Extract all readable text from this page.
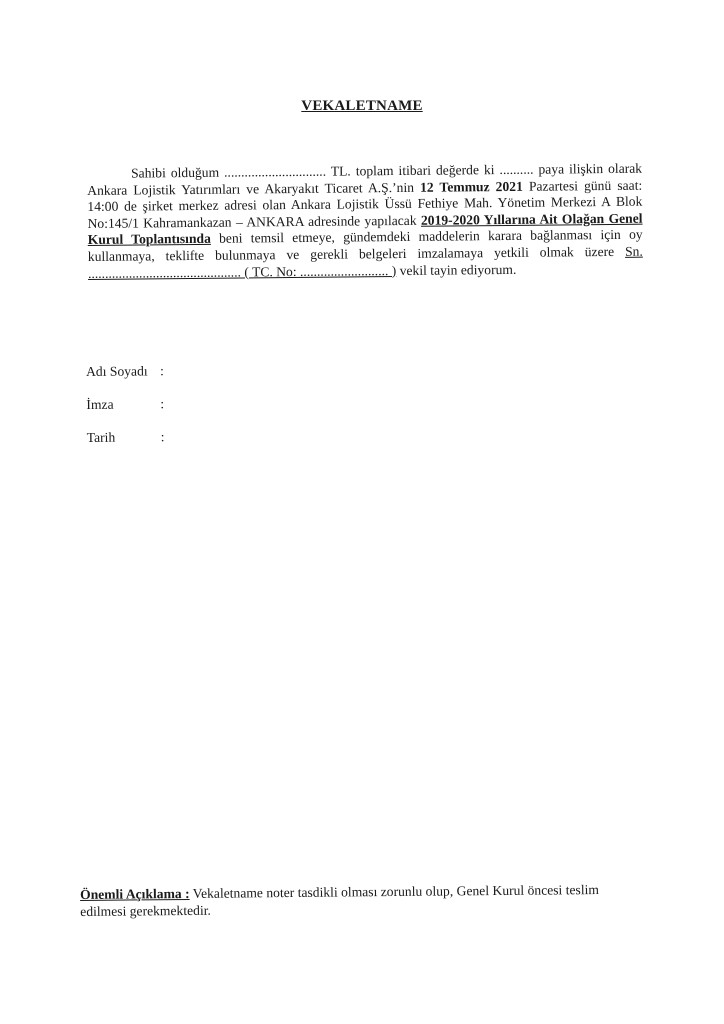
VEKALETNAME
Sahibi olduğum .............................. TL. toplam itibari değerde ki .......... paya ilişkin olarak Ankara Lojistik Yatırımları ve Akaryakıt Ticaret A.Ş.’nin 12 Temmuz 2021 Pazartesi günü saat: 14:00 de şirket merkez adresi olan Ankara Lojistik Üssü Fethiye Mah. Yönetim Merkezi A Blok No:145/1 Kahramankazan – ANKARA adresinde yapılacak 2019-2020 Yıllarına Ait Olağan Genel Kurul Toplantısında beni temsil etmeye, gündemdeki maddelerin karara bağlanması için oy kullanmaya, teklifte bulunmaya ve gerekli belgeleri imzalamaya yetkili olmak üzere Sn. ............................................. ( TC. No: .......................... ) vekil tayin ediyorum.
Adı Soyadı :
İmza	:
Tarih	:
Önemli Açıklama : Vekaletname noter tasdikli olması zorunlu olup, Genel Kurul öncesi teslim edilmesi gerekmektedir.
